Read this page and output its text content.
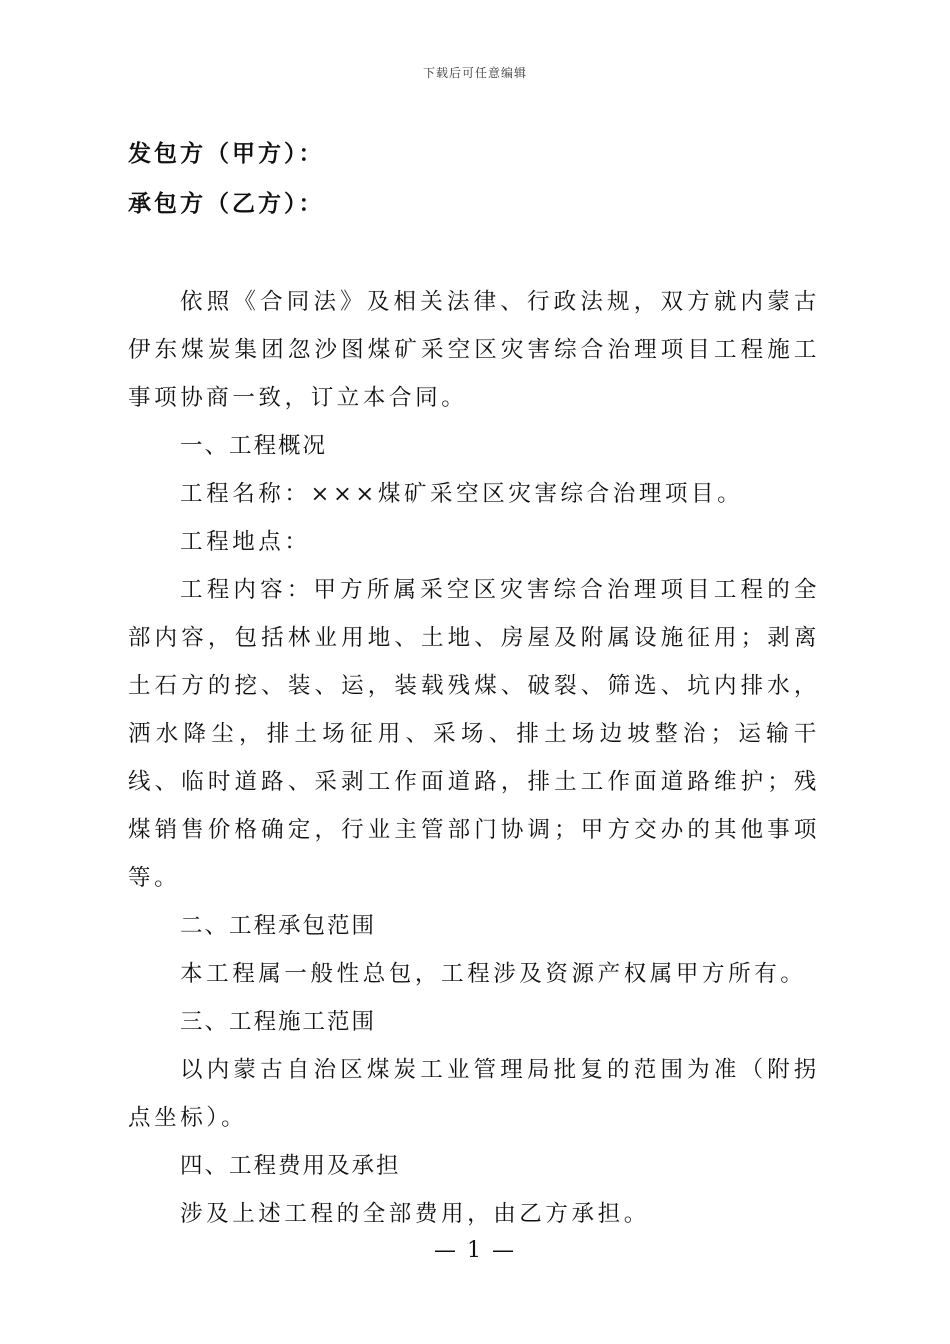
下载后可任意编辑
发包方（甲方）：
承包方（乙方）：

依照《合同法》及相关法律、行政法规，双方就内蒙古伊东煤炭集团忽沙图煤矿采空区灾害综合治理项目工程施工事项协商一致，订立本合同。

一、工程概况

工程名称：×××煤矿采空区灾害综合治理项目。

工程地点：

工程内容：甲方所属采空区灾害综合治理项目工程的全部内容，包括林业用地、土地、房屋及附属设施征用；剥离土石方的挖、装、运，装载残煤、破裂、筛选、坑内排水，洒水降尘，排土场征用、采场、排土场边坡整治；运输干线、临时道路、采剥工作面道路，排土工作面道路维护；残煤销售价格确定，行业主管部门协调；甲方交办的其他事项等。

二、工程承包范围

本工程属一般性总包，工程涉及资源产权属甲方所有。

三、工程施工范围

以内蒙古自治区煤炭工业管理局批复的范围为准（附拐点坐标）。

四、工程费用及承担

涉及上述工程的全部费用，由乙方承担。

— 1 —
